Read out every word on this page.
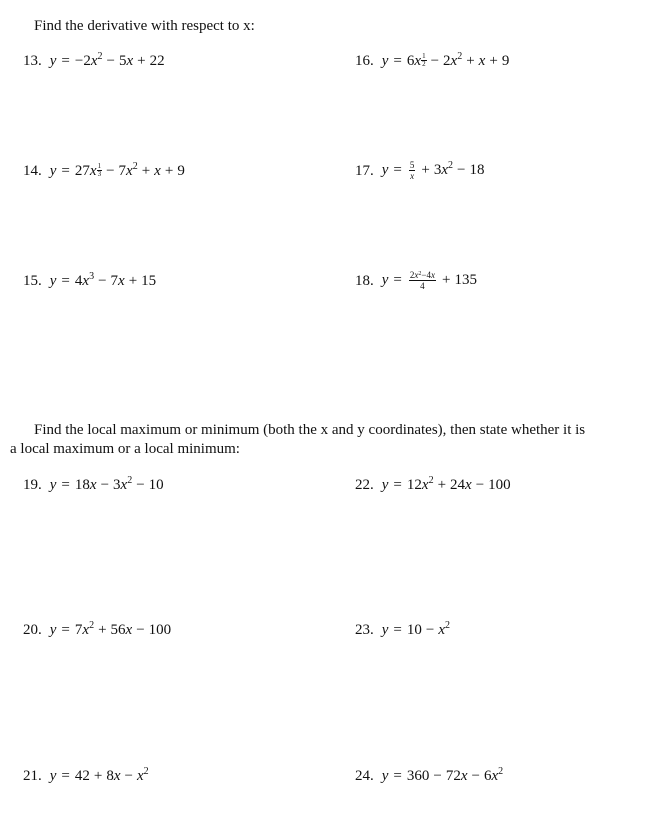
Find the derivative with respect to x:
13. $y = -2x^2 - 5x + 22$
14. $y = 27x \frac{1}{3} - 7x^2 + x + 9$
15. $y = 4x^3 - 7x + 15$
16. $y = 6x \frac{1}{2} - 2x^2 + x + 9$
17. $y = \frac{5}{x} + 3x^2 - 18$
18. $y = \frac{2x^2-4x}{4} + 135$
Find the local maximum or minimum (both the x and y coordinates), then state whether it is
a local maximum or a local minimum:
19. $y = 18x - 3x^2 - 10$
20. $y = 7x^2 + 56x - 100$
21. $y = 42 + 8x - x^2$
22. $y = 12x^2 + 24x - 100$
23. $y = 10 - x^2$
24. $y = 360 - 72x - 6x^2$
